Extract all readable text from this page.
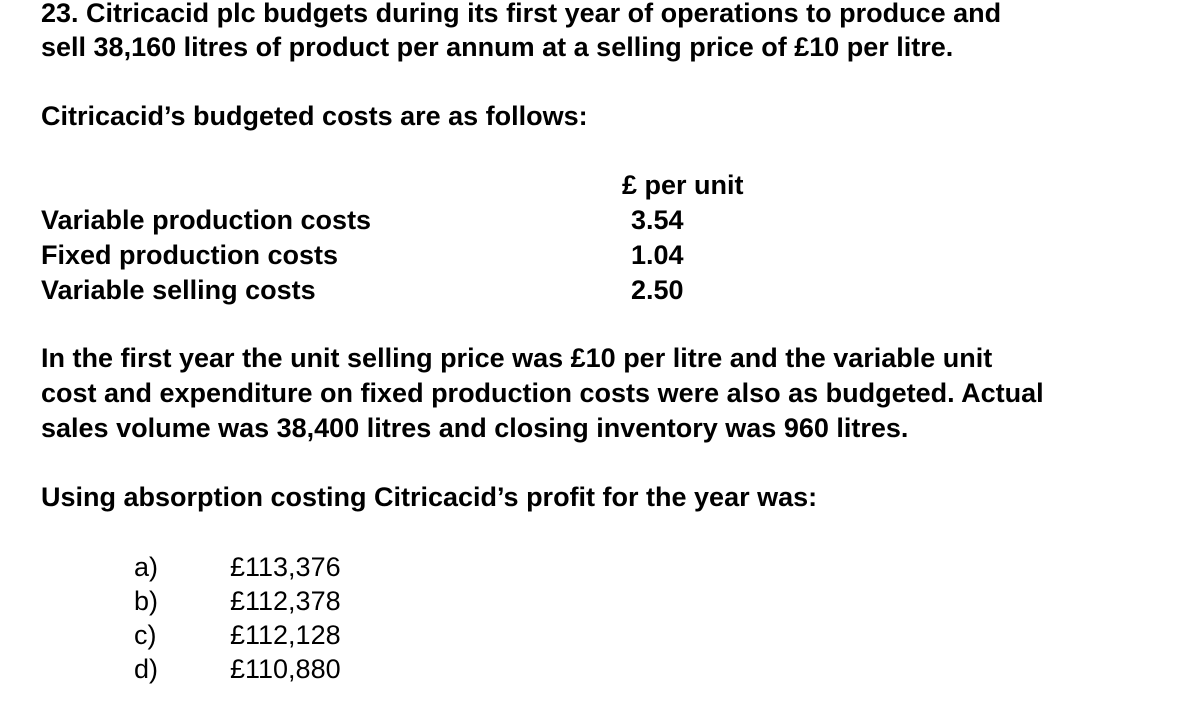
23. Citricacid plc budgets during its first year of operations to produce and
sell 38,160 litres of product per annum at a selling price of £10 per litre.
Citricacid’s budgeted costs are as follows:
£ per unit
Variable production costs	3.54
Fixed production costs	1.04
Variable selling costs	2.50
In the first year the unit selling price was £10 per litre and the variable unit
cost and expenditure on fixed production costs were also as budgeted. Actual
sales volume was 38,400 litres and closing inventory was 960 litres.
Using absorption costing Citricacid’s profit for the year was:
a)	£113,376
b)	£112,378
c)	£112,128
d)	£110,880
